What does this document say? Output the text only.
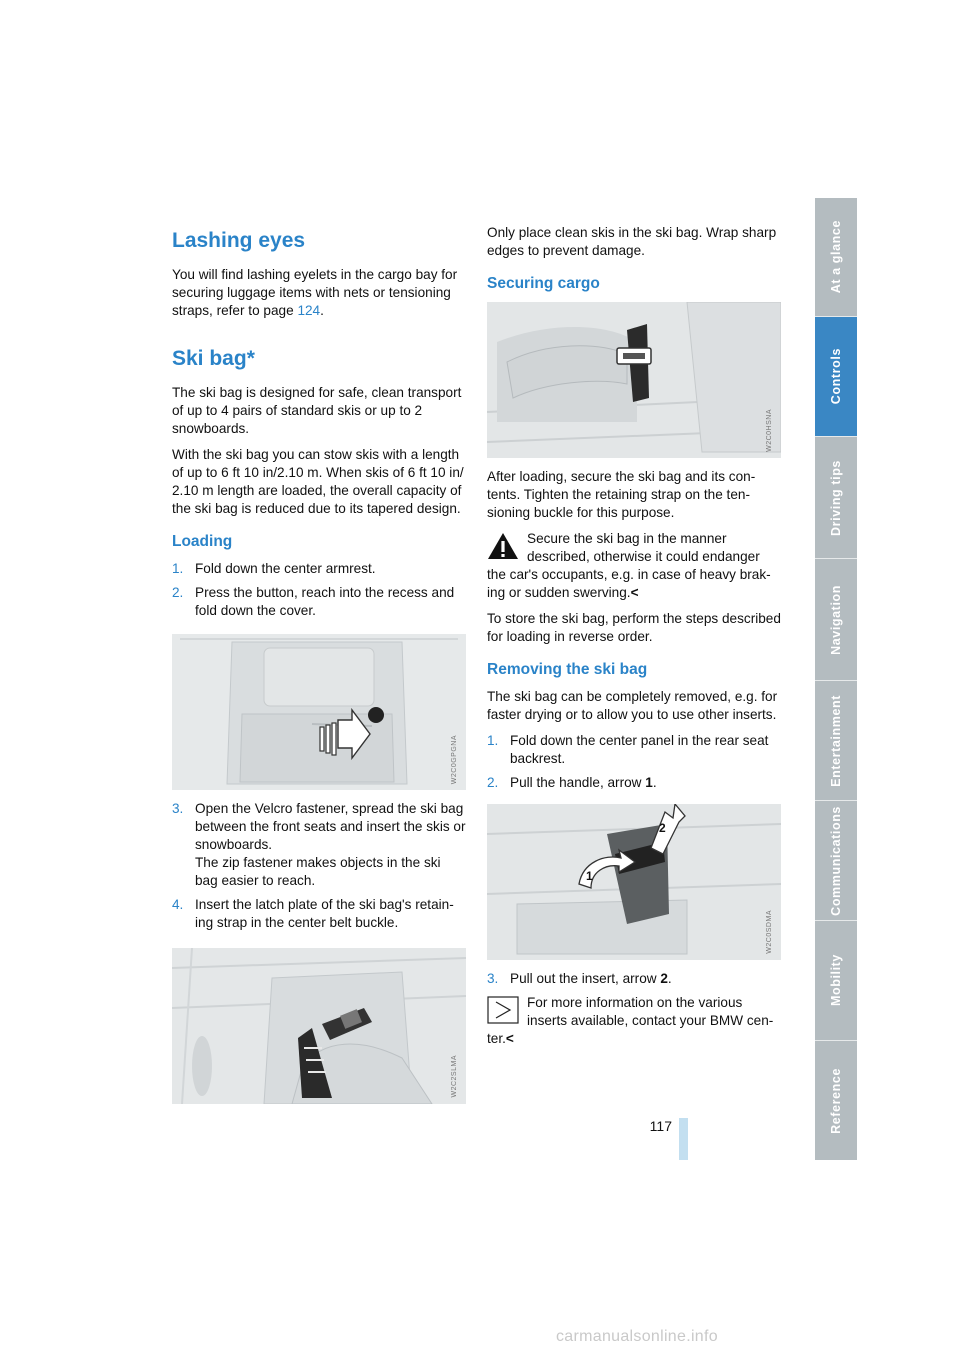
Lashing eyes

You will find lashing eyelets in the cargo bay for securing luggage items with nets or tensioning straps, refer to page 124.

Ski bag*

The ski bag is designed for safe, clean transport of up to 4 pairs of standard skis or up to 2 snowboards.

With the ski bag you can stow skis with a length of up to 6 ft 10 in/2.10 m. When skis of 6 ft 10 in/ 2.10 m length are loaded, the overall capacity of the ski bag is reduced due to its tapered design.

Loading
1. Fold down the center armrest.
2. Press the button, reach into the recess and fold down the cover.
W2C0GPGNA
3. Open the Velcro fastener, spread the ski bag between the front seats and insert the skis or snowboards.
The zip fastener makes objects in the ski bag easier to reach.
4. Insert the latch plate of the ski bag's retain-ing strap in the center belt buckle.
W2C2SLMA

Only place clean skis in the ski bag. Wrap sharp edges to prevent damage.

Securing cargo
W2C0HSNA

After loading, secure the ski bag and its con-tents. Tighten the retaining strap on the ten-sioning buckle for this purpose.

Secure the ski bag in the manner described, otherwise it could endanger the car's occupants, e.g. in case of heavy brak-ing or sudden swerving.<

To store the ski bag, perform the steps described for loading in reverse order.

Removing the ski bag

The ski bag can be completely removed, e.g. for faster drying or to allow you to use other inserts.

1. Fold down the center panel in the rear seat backrest.
2. Pull the handle, arrow 1.
1
2
W2C0SDMA
3. Pull out the insert, arrow 2.

For more information on the various inserts available, contact your BMW cen-ter.<

At a glance
Controls
Driving tips
Navigation
Entertainment
Communications
Mobility
Reference
117
carmanualsonline.info
